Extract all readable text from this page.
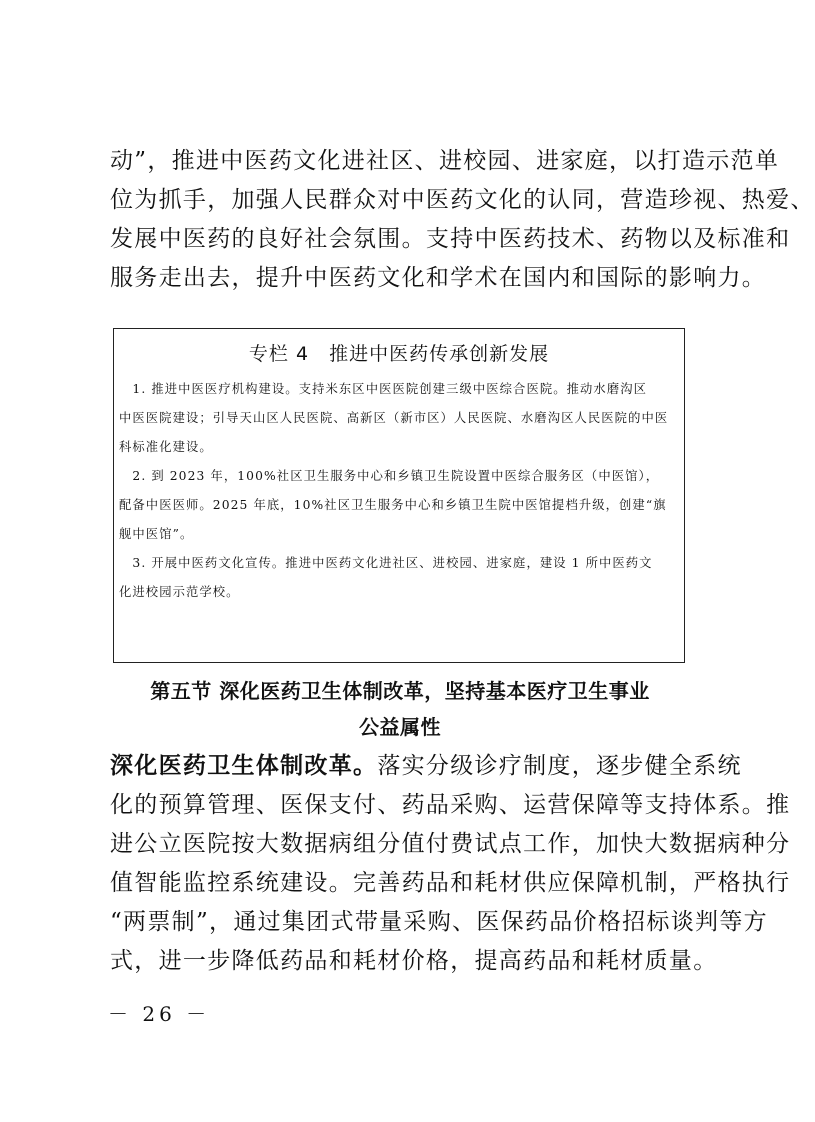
动”，推进中医药文化进社区、进校园、进家庭，以打造示范单
位为抓手，加强人民群众对中医药文化的认同，营造珍视、热爱、
发展中医药的良好社会氛围。支持中医药技术、药物以及标准和
服务走出去，提升中医药文化和学术在国内和国际的影响力。
专栏 4 推进中医药传承创新发展
　1. 推进中医医疗机构建设。支持米东区中医医院创建三级中医综合医院。推动水磨沟区
中医医院建设；引导天山区人民医院、高新区（新市区）人民医院、水磨沟区人民医院的中医
科标准化建设。
　2. 到 2023 年，100%社区卫生服务中心和乡镇卫生院设置中医综合服务区（中医馆），
配备中医医师。2025 年底，10%社区卫生服务中心和乡镇卫生院中医馆提档升级，创建“旗
舰中医馆”。
　3. 开展中医药文化宣传。推进中医药文化进社区、进校园、进家庭，建设 1 所中医药文
化进校园示范学校。
第五节 深化医药卫生体制改革，坚持基本医疗卫生事业
公益属性
深化医药卫生体制改革。落实分级诊疗制度，逐步健全系统
化的预算管理、医保支付、药品采购、运营保障等支持体系。推
进公立医院按大数据病组分值付费试点工作，加快大数据病种分
值智能监控系统建设。完善药品和耗材供应保障机制，严格执行
“两票制”，通过集团式带量采购、医保药品价格招标谈判等方
式，进一步降低药品和耗材价格，提高药品和耗材质量。
－ 26 －
